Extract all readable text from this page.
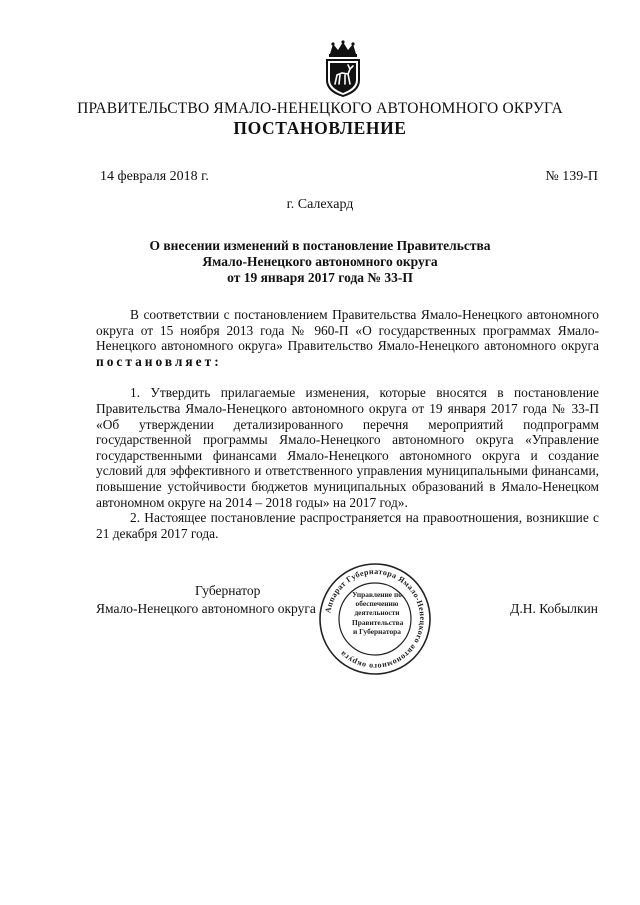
ПРАВИТЕЛЬСТВО ЯМАЛО-НЕНЕЦКОГО АВТОНОМНОГО ОКРУГА
ПОСТАНОВЛЕНИЕ
14 февраля 2018 г.	№ 139-П
г. Салехард
О внесении изменений в постановление Правительства
Ямало-Ненецкого автономного округа
от 19 января 2017 года № 33-П

В соответствии с постановлением Правительства Ямало-Ненецкого автономного округа от 15 ноября 2013 года № 960-П «О государственных программах Ямало-Ненецкого автономного округа» Правительство Ямало-Ненецкого автономного округа постановляет:

1. Утвердить прилагаемые изменения, которые вносятся в постановление Правительства Ямало-Ненецкого автономного округа от 19 января 2017 года № 33-П «Об утверждении детализированного перечня мероприятий подпрограмм государственной программы Ямало-Ненецкого автономного округа «Управление государственными финансами Ямало-Ненецкого автономного округа и создание условий для эффективного и ответственного управления муниципальными финансами, повышение устойчивости бюджетов муниципальных образований в Ямало-Ненецком автономном округе на 2014 – 2018 годы» на 2017 год».

2. Настоящее постановление распространяется на правоотношения, возникшие с 21 декабря 2017 года.

Губернатор
Ямало-Ненецкого автономного округа	Д.Н. Кобылкин
Аппарат Губернатора Ямало-Ненецкого автономного округа
Управление по
обеспечению
деятельности
Правительства
и Губернатора
